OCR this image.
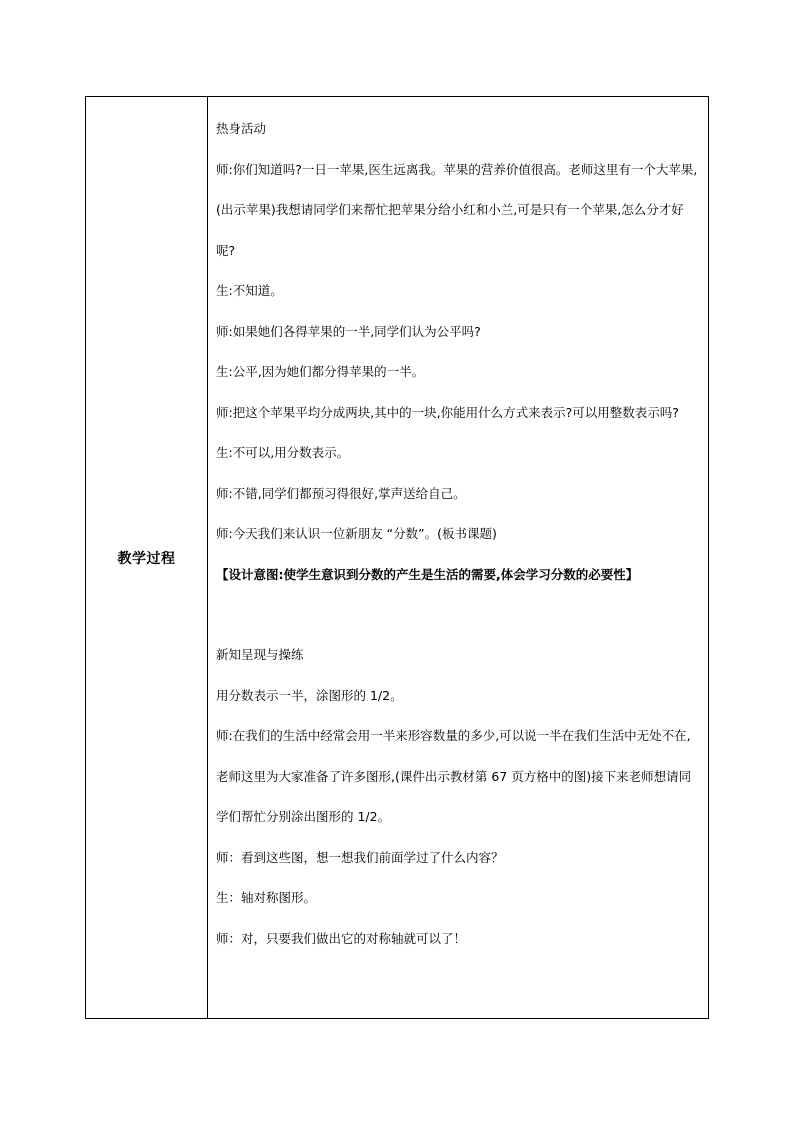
教学过程

热身活动

师:你们知道吗?一日一苹果,医生远离我。苹果的营养价值很高。老师这里有一个大苹果,(出示苹果)我想请同学们来帮忙把苹果分给小红和小兰,可是只有一个苹果,怎么分才好呢?

生:不知道。

师:如果她们各得苹果的一半,同学们认为公平吗?

生:公平,因为她们都分得苹果的一半。

师:把这个苹果平均分成两块,其中的一块,你能用什么方式来表示?可以用整数表示吗?

生:不可以,用分数表示。

师:不错,同学们都预习得很好,掌声送给自己。

师:今天我们来认识一位新朋友 “分数”。(板书课题)

【设计意图:使学生意识到分数的产生是生活的需要,体会学习分数的必要性】

新知呈现与操练

用分数表示一半，涂图形的 1/2。

师:在我们的生活中经常会用一半来形容数量的多少,可以说一半在我们生活中无处不在,老师这里为大家准备了许多图形,(课件出示教材第 67 页方格中的图)接下来老师想请同学们帮忙分别涂出图形的 1/2。

师：看到这些图，想一想我们前面学过了什么内容？

生：轴对称图形。

师：对，只要我们做出它的对称轴就可以了！
